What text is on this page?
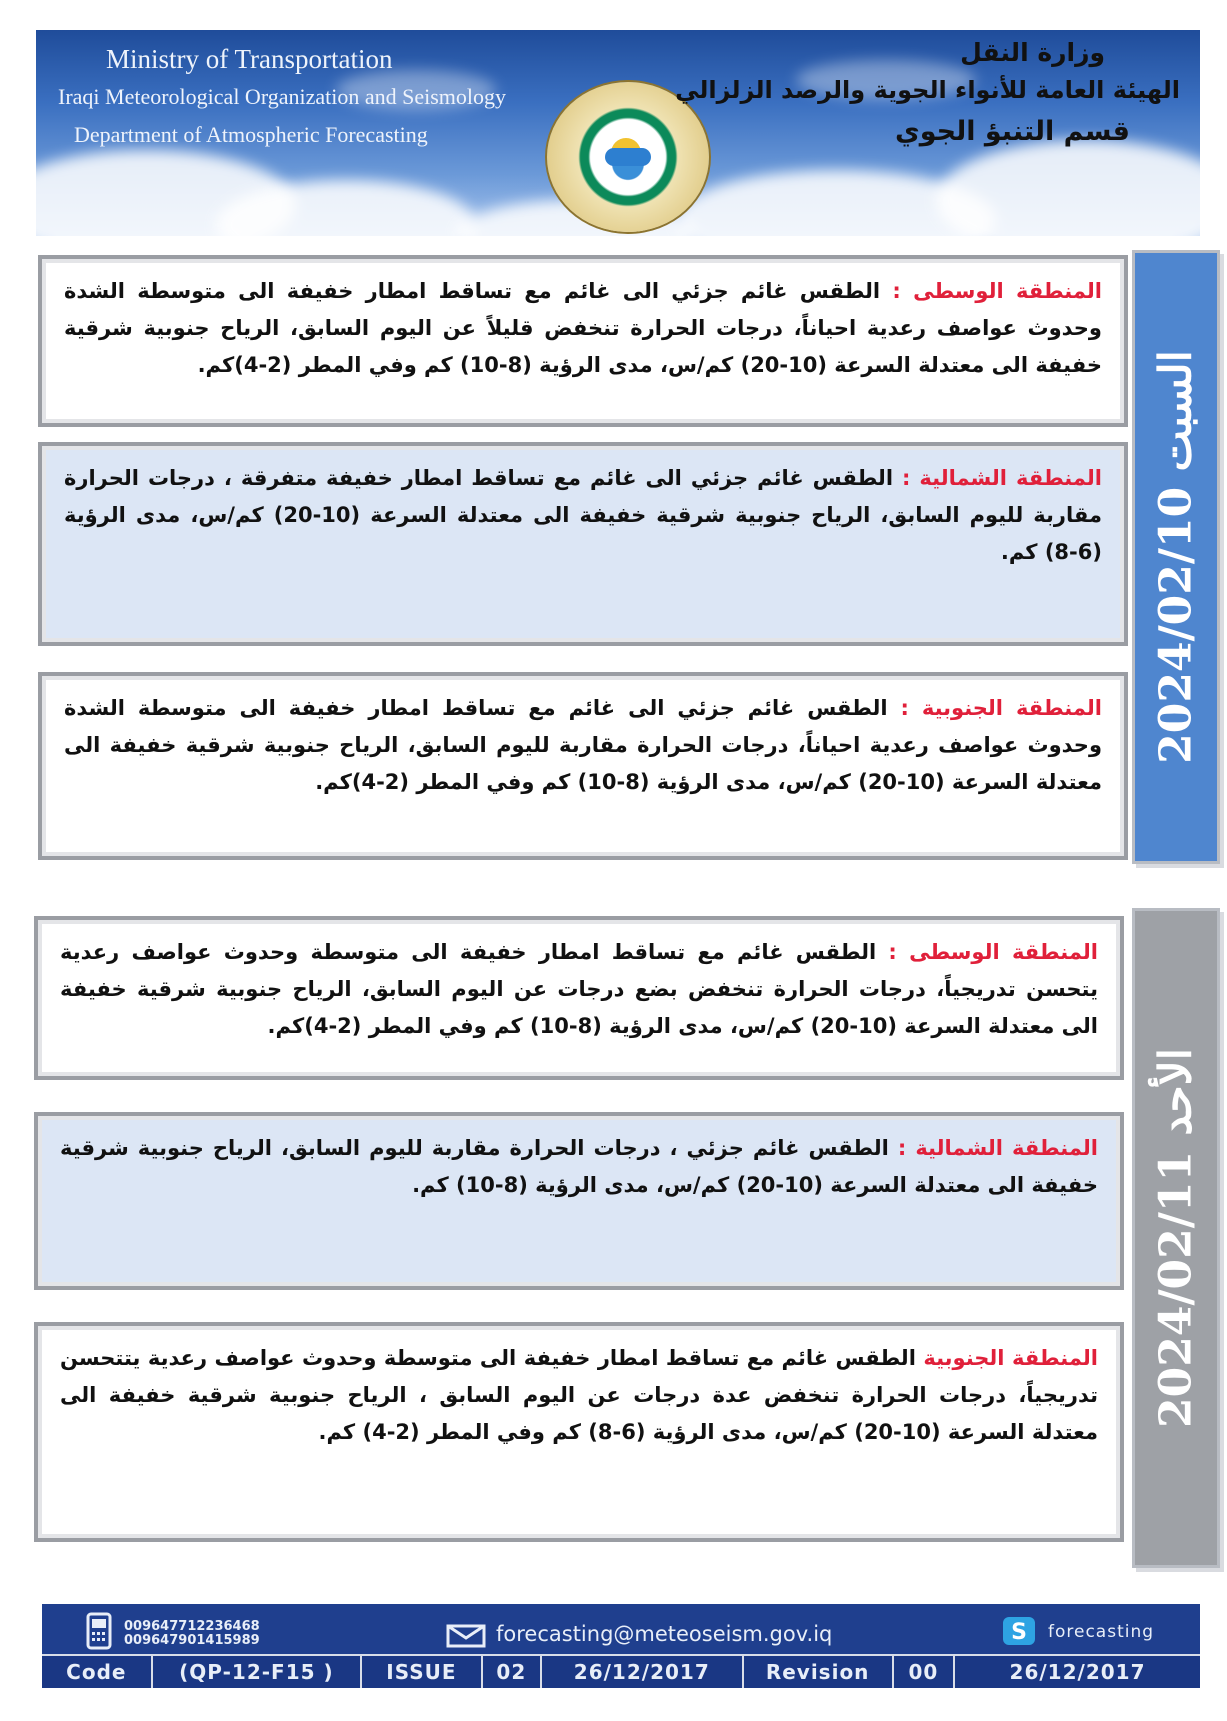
Ministry of Transportation
Iraqi Meteorological Organization and Seismology
Department of Atmospheric Forecasting
وزارة النقل
الهيئة العامة للأنواء الجوية والرصد الزلزالي
قسم التنبؤ الجوي
السبت 2024/02/10
المنطقة الوسطى : الطقس غائم جزئي الى غائم مع تساقط امطار خفيفة الى متوسطة الشدة وحدوث عواصف رعدية احياناً، درجات الحرارة تنخفض قليلاً عن اليوم السابق، الرياح جنوبية شرقية خفيفة الى معتدلة السرعة (10-20) كم/س، مدى الرؤية (8-10) كم وفي المطر (2-4)كم.
المنطقة الشمالية : الطقس غائم جزئي الى غائم مع تساقط امطار خفيفة متفرقة ، درجات الحرارة مقاربة لليوم السابق، الرياح جنوبية شرقية خفيفة الى معتدلة السرعة (10-20) كم/س، مدى الرؤية (6-8) كم.
المنطقة الجنوبية : الطقس غائم جزئي الى غائم مع تساقط امطار خفيفة الى متوسطة الشدة وحدوث عواصف رعدية احياناً، درجات الحرارة مقاربة لليوم السابق، الرياح جنوبية شرقية خفيفة الى معتدلة السرعة (10-20) كم/س، مدى الرؤية (8-10) كم وفي المطر (2-4)كم.
الأحد 2024/02/11
المنطقة الوسطى : الطقس غائم مع تساقط امطار خفيفة الى متوسطة وحدوث عواصف رعدية يتحسن تدريجياً، درجات الحرارة تنخفض بضع درجات عن اليوم السابق، الرياح جنوبية شرقية خفيفة الى معتدلة السرعة (10-20) كم/س، مدى الرؤية (8-10) كم وفي المطر (2-4)كم.
المنطقة الشمالية : الطقس غائم جزئي ، درجات الحرارة مقاربة لليوم السابق، الرياح جنوبية شرقية خفيفة الى معتدلة السرعة (10-20) كم/س، مدى الرؤية (8-10) كم.
المنطقة الجنوبية الطقس غائم مع تساقط امطار خفيفة الى متوسطة وحدوث عواصف رعدية يتتحسن تدريجياً، درجات الحرارة تنخفض عدة درجات عن اليوم السابق ، الرياح جنوبية شرقية خفيفة الى معتدلة السرعة (10-20) كم/س، مدى الرؤية (6-8) كم وفي المطر (2-4) كم.
009647712236468
009647901415989	forecasting@meteoseism.gov.iq	S forecasting
Code	(QP-12-F15 )	ISSUE	02	26/12/2017	Revision	00	26/12/2017
